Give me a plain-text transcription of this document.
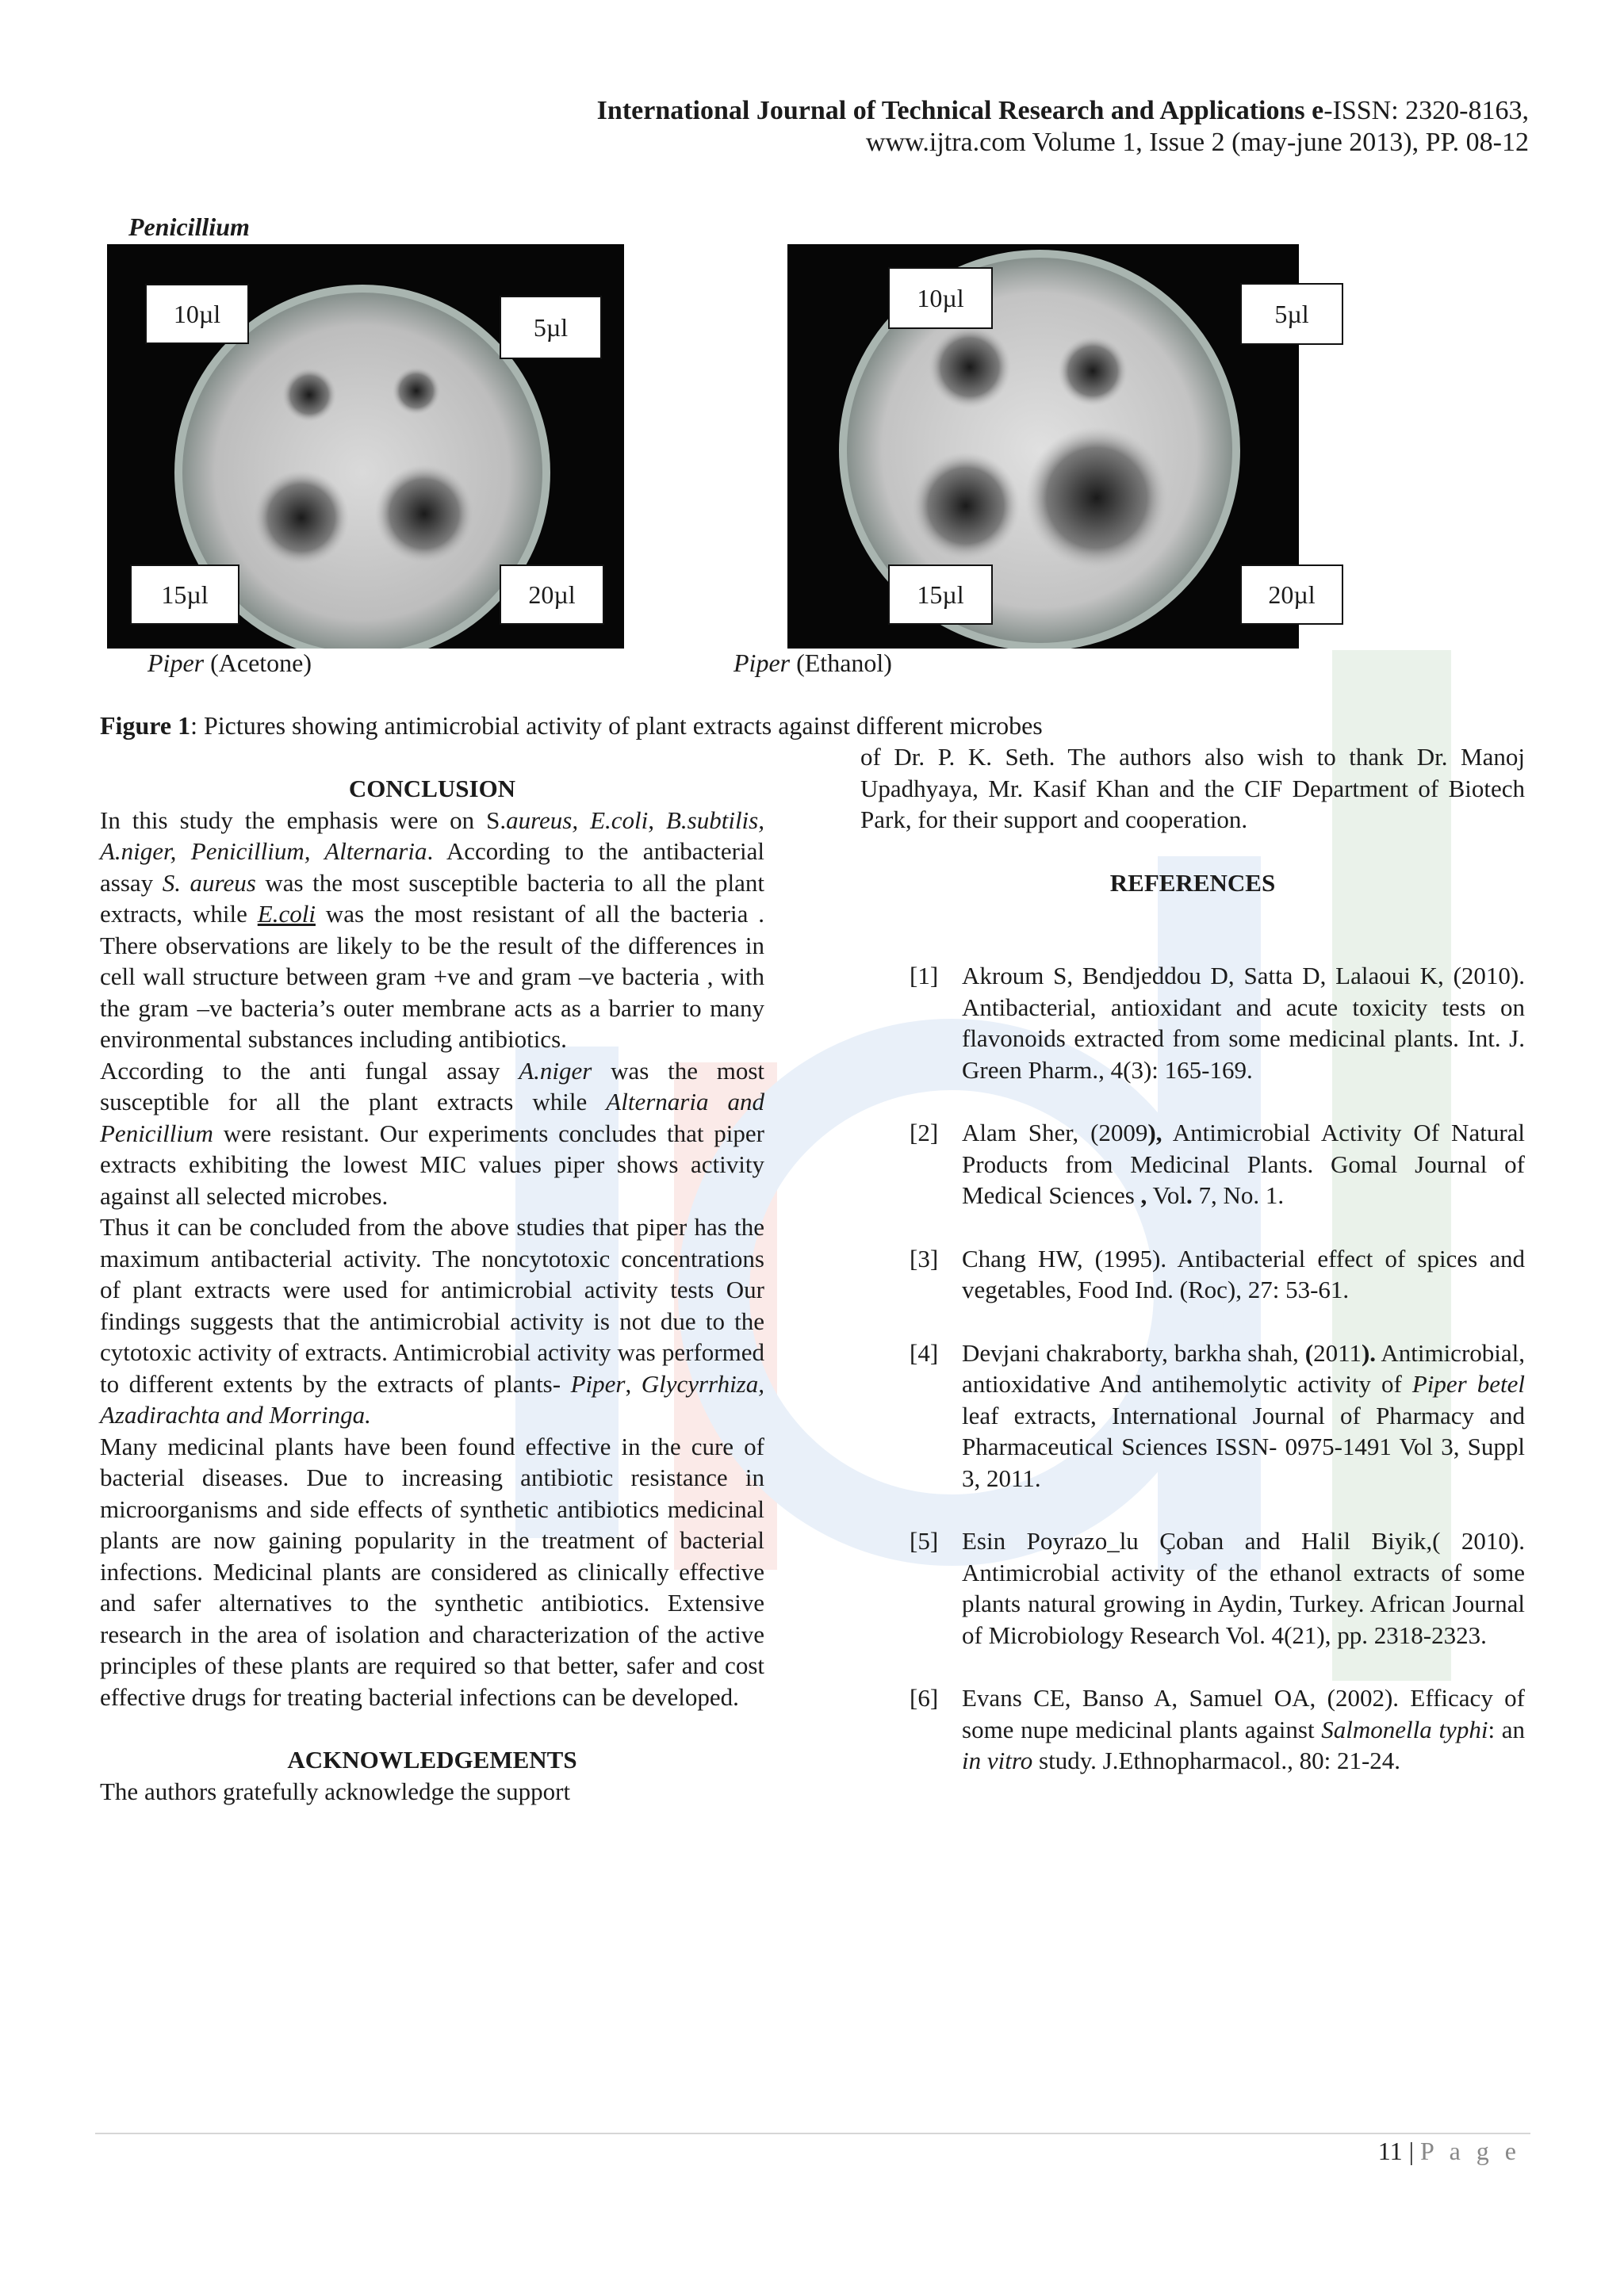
International Journal of Technical Research and Applications e-ISSN: 2320-8163,
www.ijtra.com Volume 1, Issue 2 (may-june 2013), PP. 08-12
Penicillium
10µl	5µl
15µl	20µl
10µl
5µl
15µl	20µl
Piper (Acetone)	Piper (Ethanol)
Figure 1: Pictures showing antimicrobial activity of plant extracts against different microbes
CONCLUSION

In this study the emphasis were on S.aureus, E.coli, B.subtilis, A.niger, Penicillium, Alternaria. According to the antibacterial assay S. aureus was the most susceptible bacteria to all the plant extracts, while E.coli was the most resistant of all the bacteria . There observations are likely to be the result of the differences in cell wall structure between gram +ve and gram –ve bacteria , with the gram –ve bacteria’s outer membrane acts as a barrier to many environmental substances including antibiotics.

According to the anti fungal assay A.niger was the most susceptible for all the plant extracts while Alternaria and Penicillium were resistant. Our experiments concludes that piper extracts exhibiting the lowest MIC values piper shows activity against all selected microbes.

Thus it can be concluded from the above studies that piper has the maximum antibacterial activity. The noncytotoxic concentrations of plant extracts were used for antimicrobial activity tests Our findings suggests that the antimicrobial activity is not due to the cytotoxic activity of extracts. Antimicrobial activity was performed to different extents by the extracts of plants- Piper, Glycyrrhiza, Azadirachta and Morringa.

Many medicinal plants have been found effective in the cure of bacterial diseases. Due to increasing antibiotic resistance in microorganisms and side effects of synthetic antibiotics medicinal plants are now gaining popularity in the treatment of bacterial infections. Medicinal plants are considered as clinically effective and safer alternatives to the synthetic antibiotics. Extensive research in the area of isolation and characterization of the active principles of these plants are required so that better, safer and cost effective drugs for treating bacterial infections can be developed.

ACKNOWLEDGEMENTS

The authors gratefully acknowledge the support

of Dr. P. K. Seth. The authors also wish to thank Dr. Manoj Upadhyaya, Mr. Kasif Khan and the CIF Department of Biotech Park, for their support and cooperation.

REFERENCES
[1] Akroum S, Bendjeddou D, Satta D, Lalaoui K, (2010). Antibacterial, antioxidant and acute toxicity tests on flavonoids extracted from some medicinal plants. Int. J. Green Pharm., 4(3): 165-169.
[2] Alam Sher, (2009), Antimicrobial Activity Of Natural Products from Medicinal Plants. Gomal Journal of Medical Sciences , Vol. 7, No. 1.
[3] Chang HW, (1995). Antibacterial effect of spices and vegetables, Food Ind. (Roc), 27: 53-61.
[4] Devjani chakraborty, barkha shah, (2011). Antimicrobial, antioxidative And antihemolytic activity of Piper betel leaf extracts, International Journal of Pharmacy and Pharmaceutical Sciences ISSN- 0975-1491 Vol 3, Suppl 3, 2011.
[5] Esin Poyrazo_lu Çoban and Halil Biyik,( 2010). Antimicrobial activity of the ethanol extracts of some plants natural growing in Aydin, Turkey. African Journal of Microbiology Research Vol. 4(21), pp. 2318-2323.
[6] Evans CE, Banso A, Samuel OA, (2002). Efficacy of some nupe medicinal plants against Salmonella typhi: an in vitro study. J.Ethnopharmacol., 80: 21-24.
11 | P a g e
